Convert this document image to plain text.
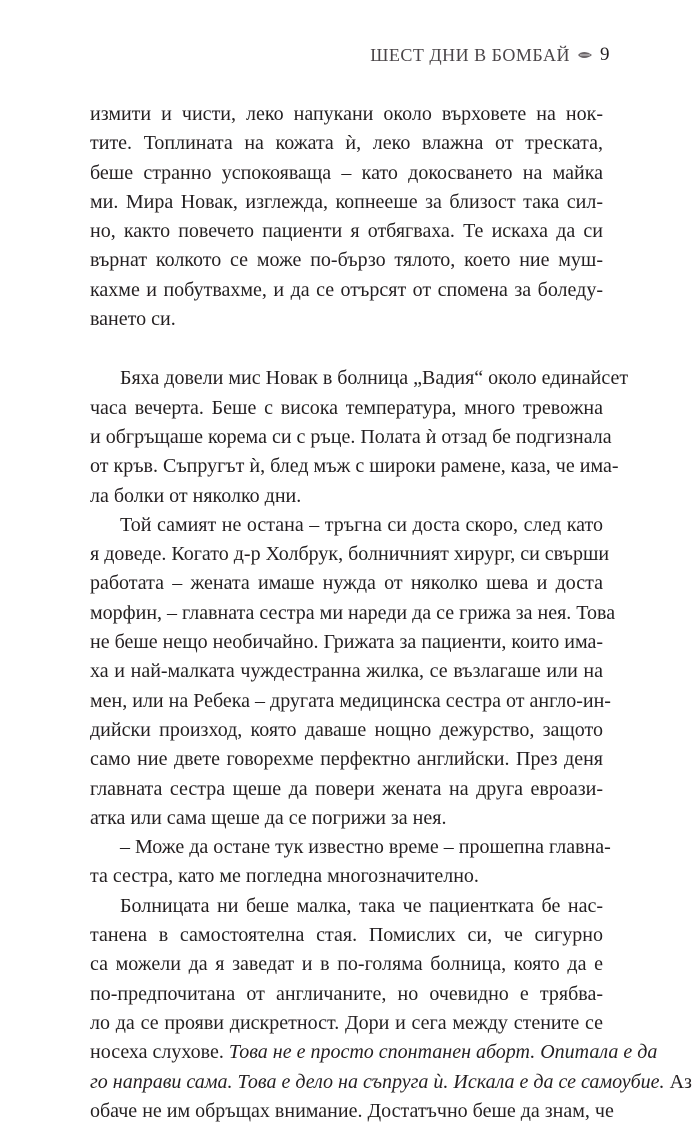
ШЕСТ ДНИ В БОМБАЙ 9
измити и чисти, леко напукани около върховете на нок-
тите. Топлината на кожата ѝ, леко влажна от треската,
беше странно успокояваща – като докосването на майка
ми. Мира Новак, изглежда, копнееше за близост така сил-
но, както повечето пациенти я отбягваха. Те искаха да си
върнат колкото се може по-бързо тялото, което ние муш-
кахме и побутвахме, и да се отърсят от спомена за боледу-
ването си.
Бяха довели мис Новак в болница „Вадия“ около единайсет
часа вечерта. Беше с висока температура, много тревожна
и обгръщаше корема си с ръце. Полата ѝ отзад бе подгизнала
от кръв. Съпругът ѝ, блед мъж с широки рамене, каза, че има-
ла болки от няколко дни.
Той самият не остана – тръгна си доста скоро, след като
я доведе. Когато д-р Холбрук, болничният хирург, си свърши
работата – жената имаше нужда от няколко шева и доста
морфин, – главната сестра ми нареди да се грижа за нея. Това
не беше нещо необичайно. Грижата за пациенти, които има-
ха и най-малката чуждестранна жилка, се възлагаше или на
мен, или на Ребека – другата медицинска сестра от англо-ин-
дийски произход, която даваше нощно дежурство, защото
само ние двете говорехме перфектно английски. През деня
главната сестра щеше да повери жената на друга евроази-
атка или сама щеше да се погрижи за нея.
– Може да остане тук известно време – прошепна главна-
та сестра, като ме погледна многозначително.
Болницата ни беше малка, така че пациентката бе нас-
танена в самостоятелна стая. Помислих си, че сигурно
са можели да я заведат и в по-голяма болница, която да е
по-предпочитана от англичаните, но очевидно е трябва-
ло да се прояви дискретност. Дори и сега между стените се
носеха слухове. Това не е просто спонтанен аборт. Опитала е да
го направи сама. Това е дело на съпруга ѝ. Искала е да се самоубие. Аз
обаче не им обръщах внимание. Достатъчно беше да знам, че
